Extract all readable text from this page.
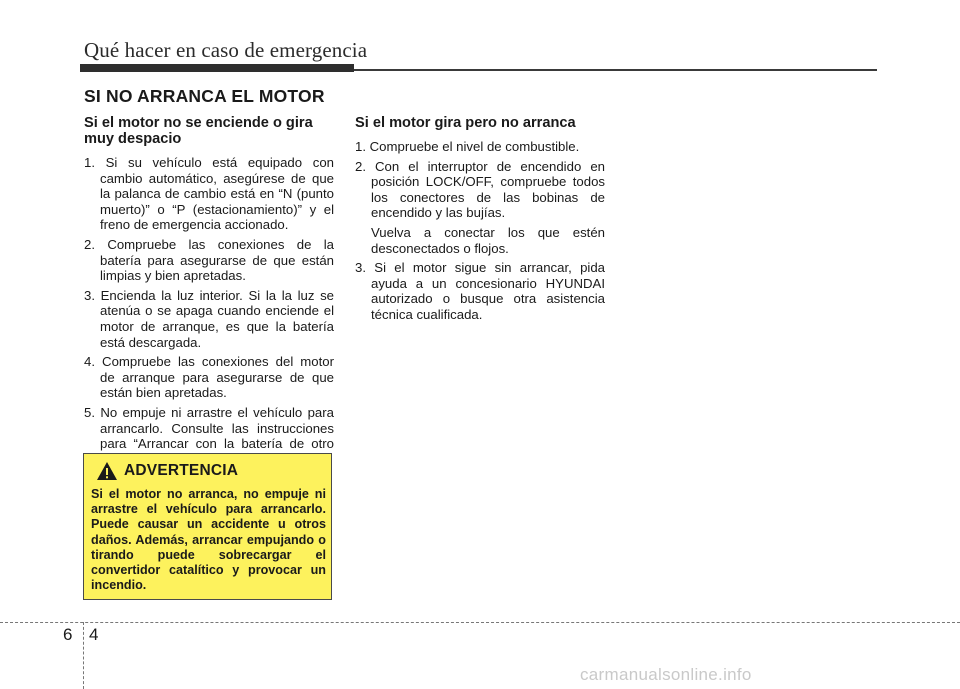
Qué hacer en caso de emergencia
SI NO ARRANCA EL MOTOR
Si el motor no se enciende o gira muy despacio
1. Si su vehículo está equipado con cambio automático, asegúrese de que la palanca de cambio está en “N (punto muerto)” o “P (estacionamiento)” y el freno de emergencia accionado.
2. Compruebe las conexiones de la batería para asegurarse de que están limpias y bien apretadas.
3. Encienda la luz interior. Si la la luz se atenúa o se apaga cuando enciende el motor de arranque, es que la batería está descargada.
4. Compruebe las conexiones del motor de arranque para asegurarse de que están bien apretadas.
5. No empuje ni arrastre el vehículo para arrancarlo. Consulte las instrucciones para “Arrancar con la batería de otro
ADVERTENCIA
Si el motor no arranca, no empuje ni arrastre el vehículo para arrancarlo. Puede causar un accidente u otros daños. Además, arrancar empujando o tirando puede sobrecargar el convertidor catalítico y provocar un incendio.
Si el motor gira pero no arranca
1. Compruebe el nivel de combustible.
2. Con el interruptor de encendido en posición LOCK/OFF, compruebe todos los conectores de las bobinas de encendido y las bujías.
Vuelva a conectar los que estén desconectados o flojos.
3. Si el motor sigue sin arrancar, pida ayuda a un concesionario HYUNDAI autorizado o busque otra asistencia técnica cualificada.
6 4
carmanualsonline.info
